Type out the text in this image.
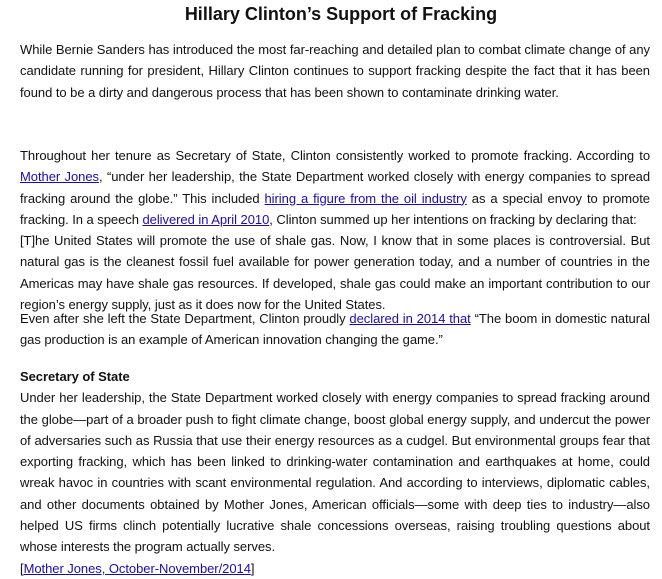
Hillary Clinton’s Support of Fracking

While Bernie Sanders has introduced the most far-reaching and detailed plan to combat climate change of any candidate running for president, Hillary Clinton continues to support fracking despite the fact that it has been found to be a dirty and dangerous process that has been shown to contaminate drinking water.

Throughout her tenure as Secretary of State, Clinton consistently worked to promote fracking. According to Mother Jones, “under her leadership, the State Department worked closely with energy companies to spread fracking around the globe.” This included hiring a figure from the oil industry as a special envoy to promote fracking. In a speech delivered in April 2010, Clinton summed up her intentions on fracking by declaring that:
[T]he United States will promote the use of shale gas. Now, I know that in some places is controversial. But natural gas is the cleanest fossil fuel available for power generation today, and a number of countries in the Americas may have shale gas resources. If developed, shale gas could make an important contribution to our region’s energy supply, just as it does now for the United States.

Even after she left the State Department, Clinton proudly declared in 2014 that “The boom in domestic natural gas production is an example of American innovation changing the game.”

Secretary of State
Under her leadership, the State Department worked closely with energy companies to spread fracking around the globe—part of a broader push to fight climate change, boost global energy supply, and undercut the power of adversaries such as Russia that use their energy resources as a cudgel. But environmental groups fear that exporting fracking, which has been linked to drinking-water contamination and earthquakes at home, could wreak havoc in countries with scant environmental regulation. And according to interviews, diplomatic cables, and other documents obtained by Mother Jones, American officials—some with deep ties to industry—also helped US firms clinch potentially lucrative shale concessions overseas, raising troubling questions about whose interests the program actually serves.
[Mother Jones, October-November/2014]
